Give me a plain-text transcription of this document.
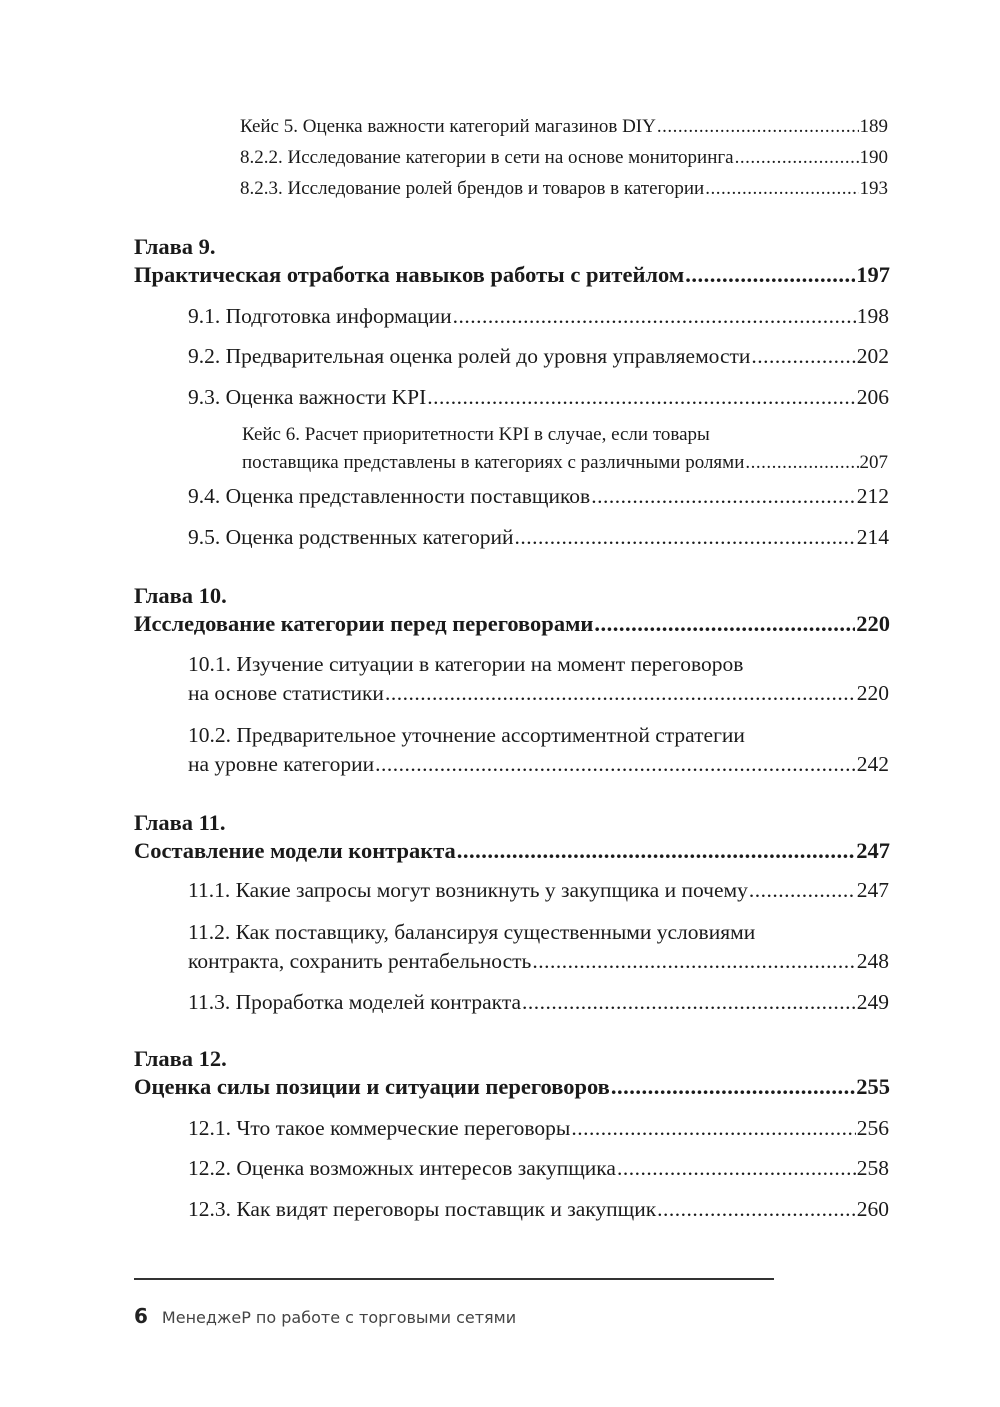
Кейс 5. Оценка важности категорий магазинов DIY .....	189
8.2.2. Исследование категории в сети на основе мониторинга .....	190
8.2.3. Исследование ролей брендов и товаров в категории .....	193
Глава 9.
Практическая отработка навыков работы с ритейлом .....	197
9.1. Подготовка информации .....	198
9.2. Предварительная оценка ролей до уровня управляемости .....	202
9.3. Оценка важности KPI .....	206
Кейс 6. Расчет приоритетности KPI в случае, если товары
поставщика представлены в категориях с различными ролями .....	207
9.4. Оценка представленности поставщиков .....	212
9.5. Оценка родственных категорий .....	214
Глава 10.
Исследование категории перед переговорами .....	220
10.1. Изучение ситуации в категории на момент переговоров
на основе статистики .....	220
10.2. Предварительное уточнение ассортиментной стратегии
на уровне категории .....	242
Глава 11.
Составление модели контракта .....	247
11.1. Какие запросы могут возникнуть у закупщика и почему .....	247
11.2. Как поставщику, балансируя существенными условиями
контракта, сохранить рентабельность .....	248
11.3. Проработка моделей контракта .....	249
Глава 12.
Оценка силы позиции и ситуации переговоров .....	255
12.1. Что такое коммерческие переговоры .....	256
12.2. Оценка возможных интересов закупщика .....	258
12.3. Как видят переговоры поставщик и закупщик .....	260
6 МенеджеР по работе с торговыми сетями
